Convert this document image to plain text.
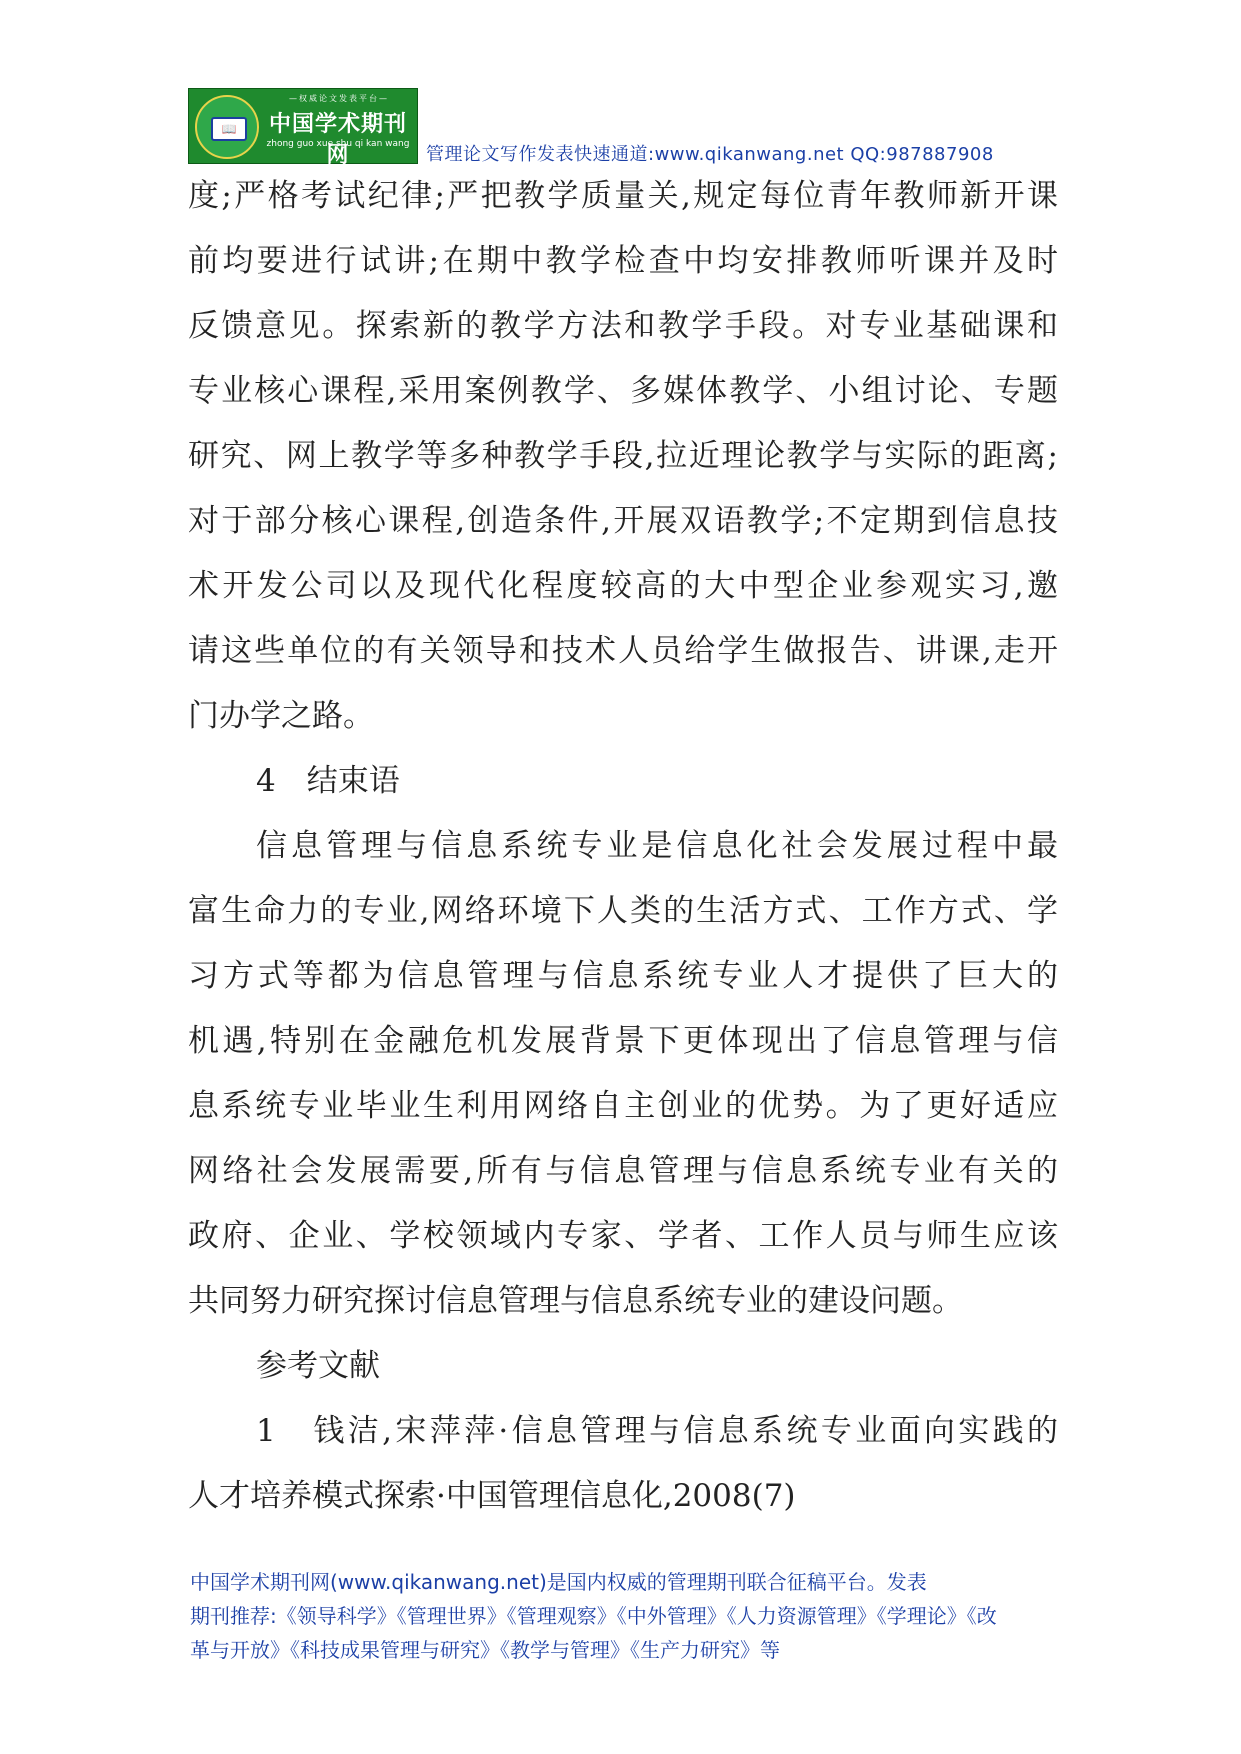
📖
—权威论文发表平台—
中国学术期刊网
zhong guo xue shu qi kan wang 管理论文写作发表快速通道:www.qikanwang.net QQ:987887908
度;严格考试纪律;严把教学质量关,规定每位青年教师新开课
前均要进行试讲;在期中教学检查中均安排教师听课并及时
反馈意见。探索新的教学方法和教学手段。对专业基础课和
专业核心课程,采用案例教学、多媒体教学、小组讨论、专题
研究、网上教学等多种教学手段,拉近理论教学与实际的距离;
对于部分核心课程,创造条件,开展双语教学;不定期到信息技
术开发公司以及现代化程度较高的大中型企业参观实习,邀
请这些单位的有关领导和技术人员给学生做报告、讲课,走开
门办学之路。
4　结束语
信息管理与信息系统专业是信息化社会发展过程中最
富生命力的专业,网络环境下人类的生活方式、工作方式、学
习方式等都为信息管理与信息系统专业人才提供了巨大的
机遇,特别在金融危机发展背景下更体现出了信息管理与信
息系统专业毕业生利用网络自主创业的优势。为了更好适应
网络社会发展需要,所有与信息管理与信息系统专业有关的
政府、企业、学校领域内专家、学者、工作人员与师生应该
共同努力研究探讨信息管理与信息系统专业的建设问题。
参考文献
1　钱洁,宋萍萍·信息管理与信息系统专业面向实践的
人才培养模式探索·中国管理信息化,2008(7)
中国学术期刊网(www.qikanwang.net)是国内权威的管理期刊联合征稿平台。发表
期刊推荐:《领导科学》《管理世界》《管理观察》《中外管理》《人力资源管理》《学理论》《改
革与开放》《科技成果管理与研究》《教学与管理》《生产力研究》等
